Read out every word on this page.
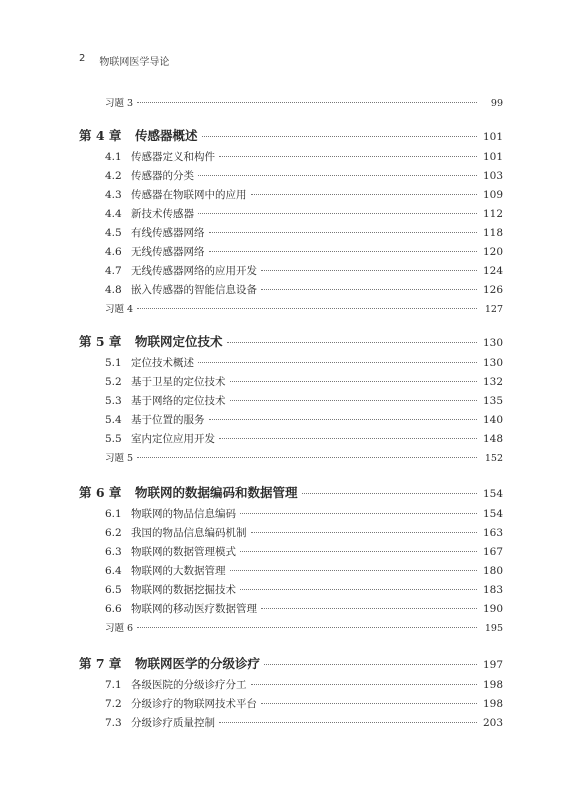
2 物联网医学导论
习题 3	99
第 4 章	传感器概述	101
4.1 传感器定义和构件	101
4.2 传感器的分类	103
4.3 传感器在物联网中的应用	109
4.4 新技术传感器	112
4.5 有线传感器网络	118
4.6 无线传感器网络	120
4.7 无线传感器网络的应用开发	124
4.8 嵌入传感器的智能信息设备	126
习题 4	127
第 5 章	物联网定位技术	130
5.1 定位技术概述	130
5.2 基于卫星的定位技术	132
5.3 基于网络的定位技术	135
5.4 基于位置的服务	140
5.5 室内定位应用开发	148
习题 5	152
第 6 章	物联网的数据编码和数据管理	154
6.1 物联网的物品信息编码	154
6.2 我国的物品信息编码机制	163
6.3 物联网的数据管理模式	167
6.4 物联网的大数据管理	180
6.5 物联网的数据挖掘技术	183
6.6 物联网的移动医疗数据管理	190
习题 6	195
第 7 章	物联网医学的分级诊疗	197
7.1 各级医院的分级诊疗分工	198
7.2 分级诊疗的物联网技术平台	198
7.3 分级诊疗质量控制	203
